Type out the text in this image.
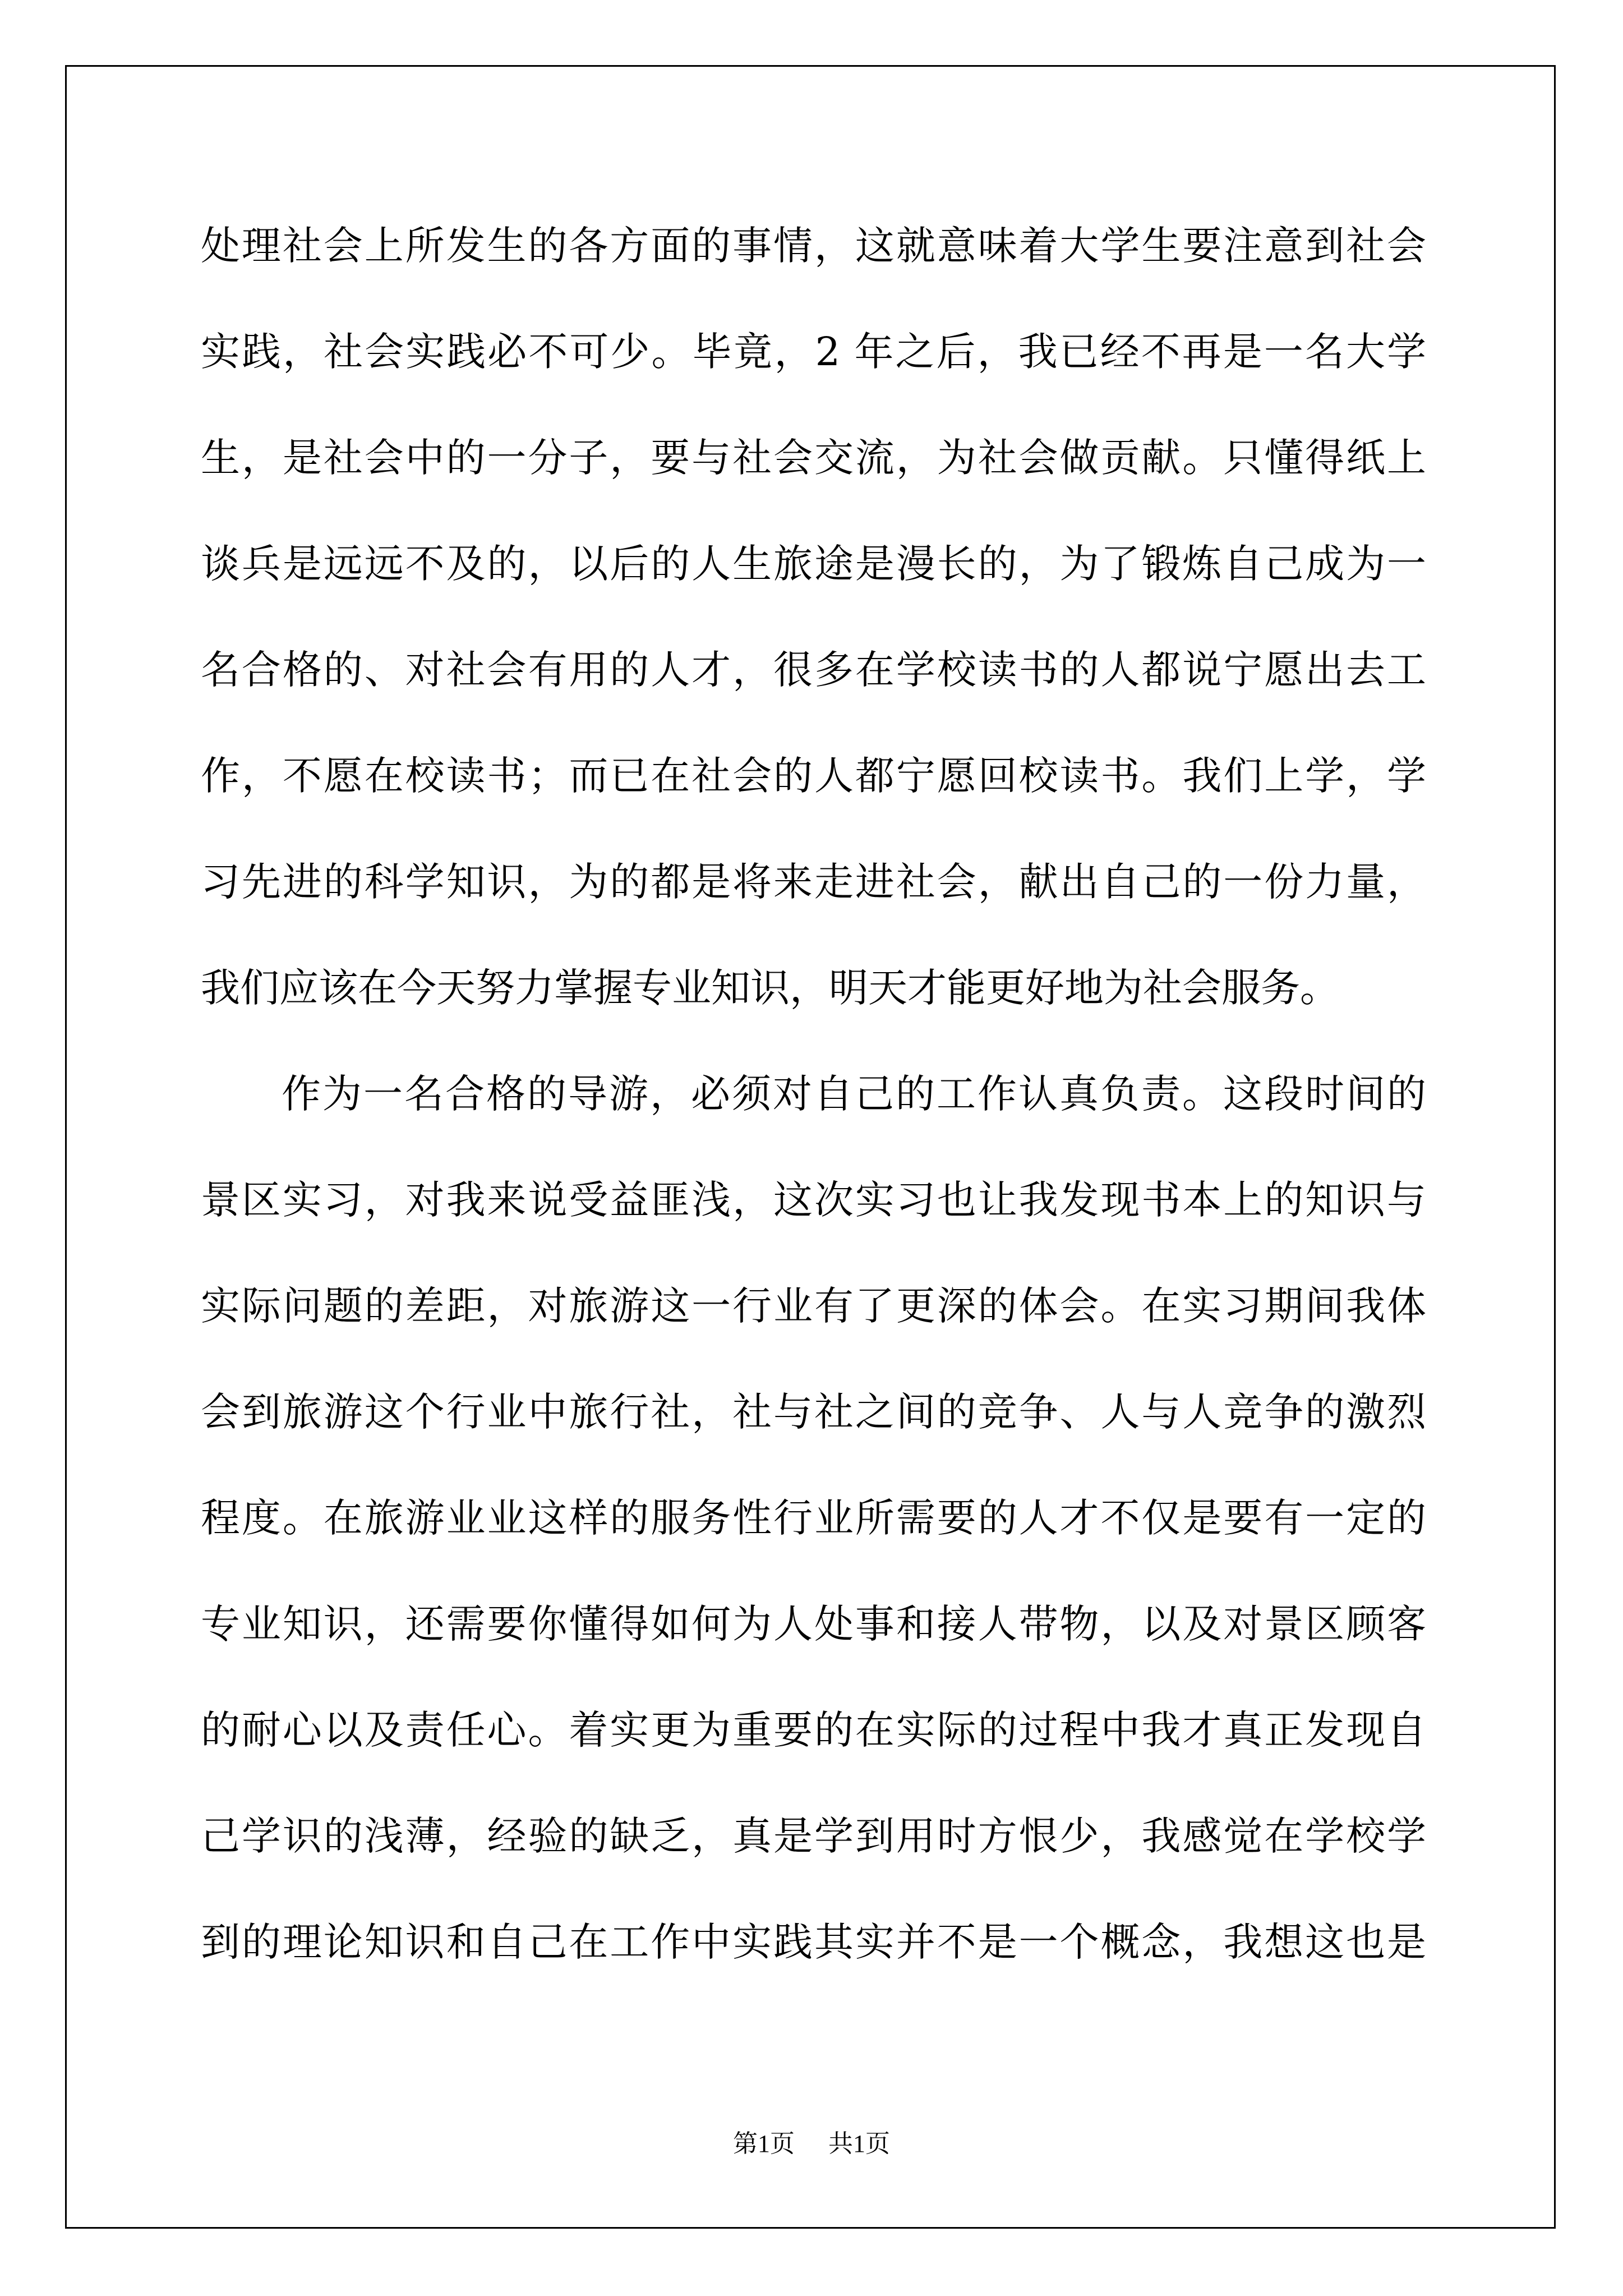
处理社会上所发生的各方面的事情，这就意味着大学生要注意到社会
实践，社会实践必不可少。毕竟，2 年之后，我已经不再是一名大学
生，是社会中的一分子，要与社会交流，为社会做贡献。只懂得纸上
谈兵是远远不及的，以后的人生旅途是漫长的，为了锻炼自己成为一
名合格的、对社会有用的人才，很多在学校读书的人都说宁愿出去工
作，不愿在校读书；而已在社会的人都宁愿回校读书。我们上学，学
习先进的科学知识，为的都是将来走进社会，献出自己的一份力量，
我们应该在今天努力掌握专业知识，明天才能更好地为社会服务。
作为一名合格的导游，必须对自己的工作认真负责。这段时间的
景区实习，对我来说受益匪浅，这次实习也让我发现书本上的知识与
实际问题的差距，对旅游这一行业有了更深的体会。在实习期间我体
会到旅游这个行业中旅行社，社与社之间的竞争、人与人竞争的激烈
程度。在旅游业业这样的服务性行业所需要的人才不仅是要有一定的
专业知识，还需要你懂得如何为人处事和接人带物，以及对景区顾客
的耐心以及责任心。着实更为重要的在实际的过程中我才真正发现自
己学识的浅薄，经验的缺乏，真是学到用时方恨少，我感觉在学校学
到的理论知识和自己在工作中实践其实并不是一个概念，我想这也是
第1页 共1页
